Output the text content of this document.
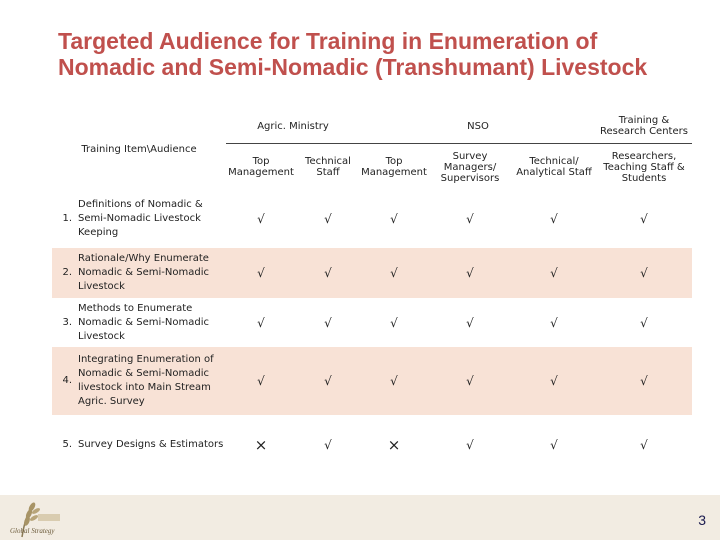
Targeted Audience for Training in Enumeration of Nomadic and Semi-Nomadic (Transhumant) Livestock
Training Item\Audience	Agric. Ministry		NSO			Training & Research Centers
	Top Management	Technical Staff	Top Management	Survey Managers/ Supervisors	Technical/ Analytical Staff	Researchers, Teaching Staff & Students

1.
Definitions of Nomadic & Semi-Nomadic Livestock Keeping	√	√	√	√	√	√

2.
Rationale/Why Enumerate Nomadic & Semi-Nomadic Livestock	√	√	√	√	√	√

3.
Methods to Enumerate Nomadic & Semi-Nomadic Livestock	√	√	√	√	√	√

4.
Integrating Enumeration of Nomadic & Semi-Nomadic livestock into Main Stream Agric. Survey	√	√	√	√	√	√

5. Survey Designs & Estimators	×	√	×	√	√	√
Global Strategy
3
